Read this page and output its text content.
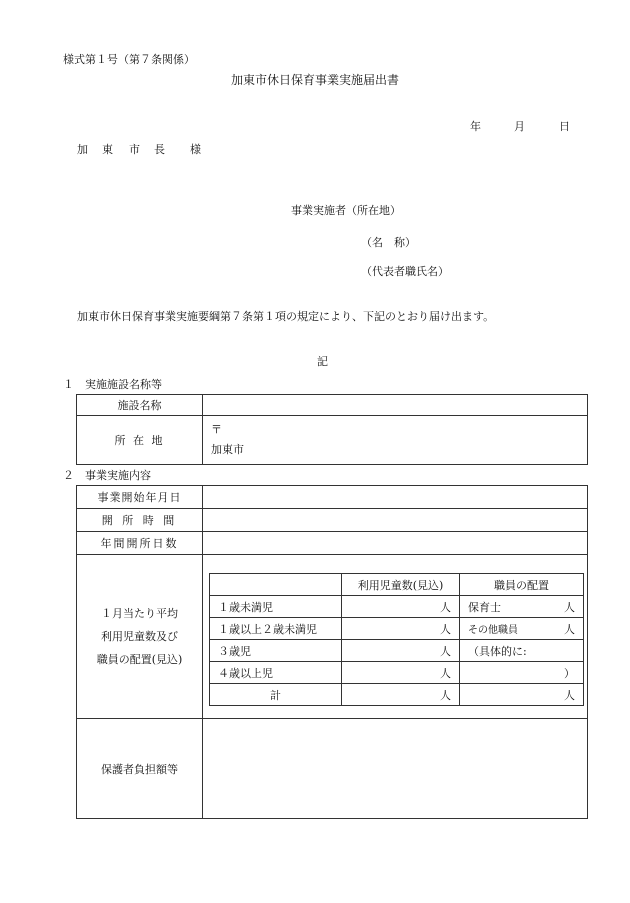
様式第１号（第７条関係）
加東市休日保育事業実施届出書
年	月	日
加 東 市 長 様
事業実施者（所在地）
（名　称）
（代表者職氏名）
加東市休日保育事業実施要綱第７条第１項の規定により、下記のとおり届け出ます。
記
１　実施施設名称等
施設名称	
所 在 地	〒
加東市
２　事業実施内容
事業開始年月日	
開 所 時 間	
年間開所日数	

１月当たり平均
利用児童数及び
職員の配置(見込)

	利用児童数(見込)	職員の配置
１歳未満児	人	保育士	人

１歳以上２歳未満児	人	その他職員	人

３歳児	人	（具体的に:
４歳以上児	人	）
計	人	人

保護者負担額等	
